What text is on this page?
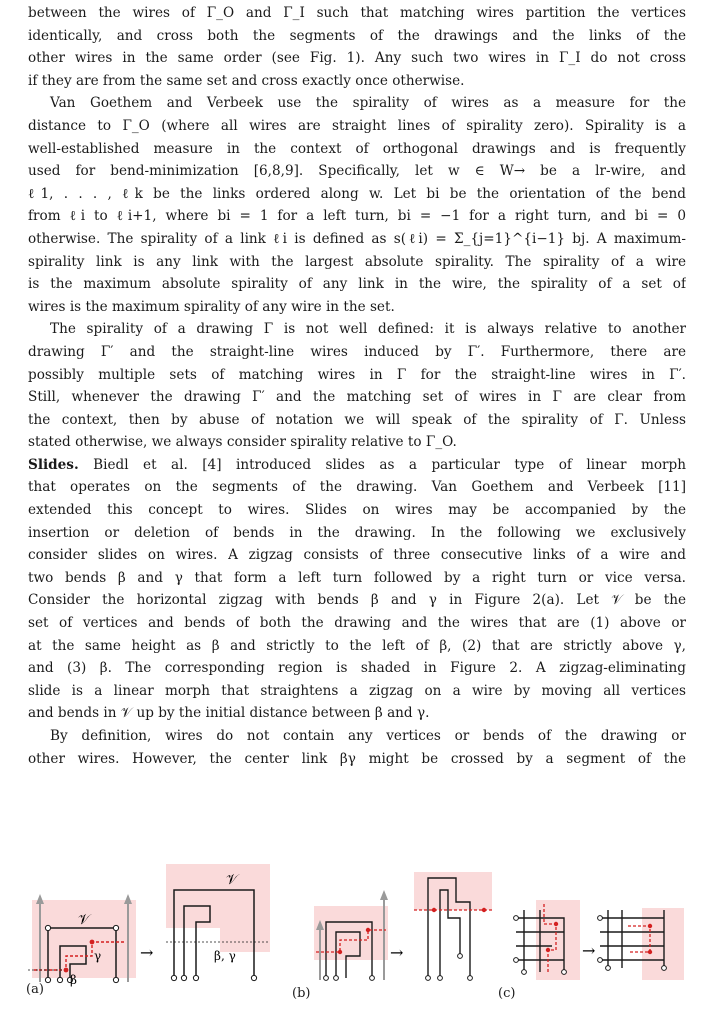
between the wires of Γ_O and Γ_I such that matching wires partition the vertices
identically, and cross both the segments of the drawings and the links of the
other wires in the same order (see Fig. 1). Any such two wires in Γ_I do not cross
if they are from the same set and cross exactly once otherwise.

Van Goethem and Verbeek use the spirality of wires as a measure for the
distance to Γ_O (where all wires are straight lines of spirality zero). Spirality is a
well-established measure in the context of orthogonal drawings and is frequently
used for bend-minimization [6,8,9]. Specifically, let w ∈ W→ be a lr-wire, and
ℓ1, . . . , ℓk be the links ordered along w. Let bi be the orientation of the bend
from ℓi to ℓi+1, where bi = 1 for a left turn, bi = −1 for a right turn, and bi = 0
otherwise. The spirality of a link ℓi is defined as s(ℓi) = Σ_{j=1}^{i−1} bj. A maximum-
spirality link is any link with the largest absolute spirality. The spirality of a wire
is the maximum absolute spirality of any link in the wire, the spirality of a set of
wires is the maximum spirality of any wire in the set.

The spirality of a drawing Γ is not well defined: it is always relative to another
drawing Γ′ and the straight-line wires induced by Γ′. Furthermore, there are
possibly multiple sets of matching wires in Γ for the straight-line wires in Γ′.
Still, whenever the drawing Γ′ and the matching set of wires in Γ are clear from
the context, then by abuse of notation we will speak of the spirality of Γ. Unless
stated otherwise, we always consider spirality relative to Γ_O.

Slides. Biedl et al. [4] introduced slides as a particular type of linear morph
that operates on the segments of the drawing. Van Goethem and Verbeek [11]
extended this concept to wires. Slides on wires may be accompanied by the
insertion or deletion of bends in the drawing. In the following we exclusively
consider slides on wires. A zigzag consists of three consecutive links of a wire and
two bends β and γ that form a left turn followed by a right turn or vice versa.
Consider the horizontal zigzag with bends β and γ in Figure 2(a). Let 𝒱 be the
set of vertices and bends of both the drawing and the wires that are (1) above or
at the same height as β and strictly to the left of β, (2) that are strictly above γ,
and (3) β. The corresponding region is shaded in Figure 2. A zigzag-eliminating
slide is a linear morph that straightens a zigzag on a wire by moving all vertices
and bends in 𝒱 up by the initial distance between β and γ.

By definition, wires do not contain any vertices or bends of the drawing or
other wires. However, the center link βγ might be crossed by a segment of the

𝒱
γ
β
→
𝒱
β, γ	→	→
(a)	(b)	(c)
